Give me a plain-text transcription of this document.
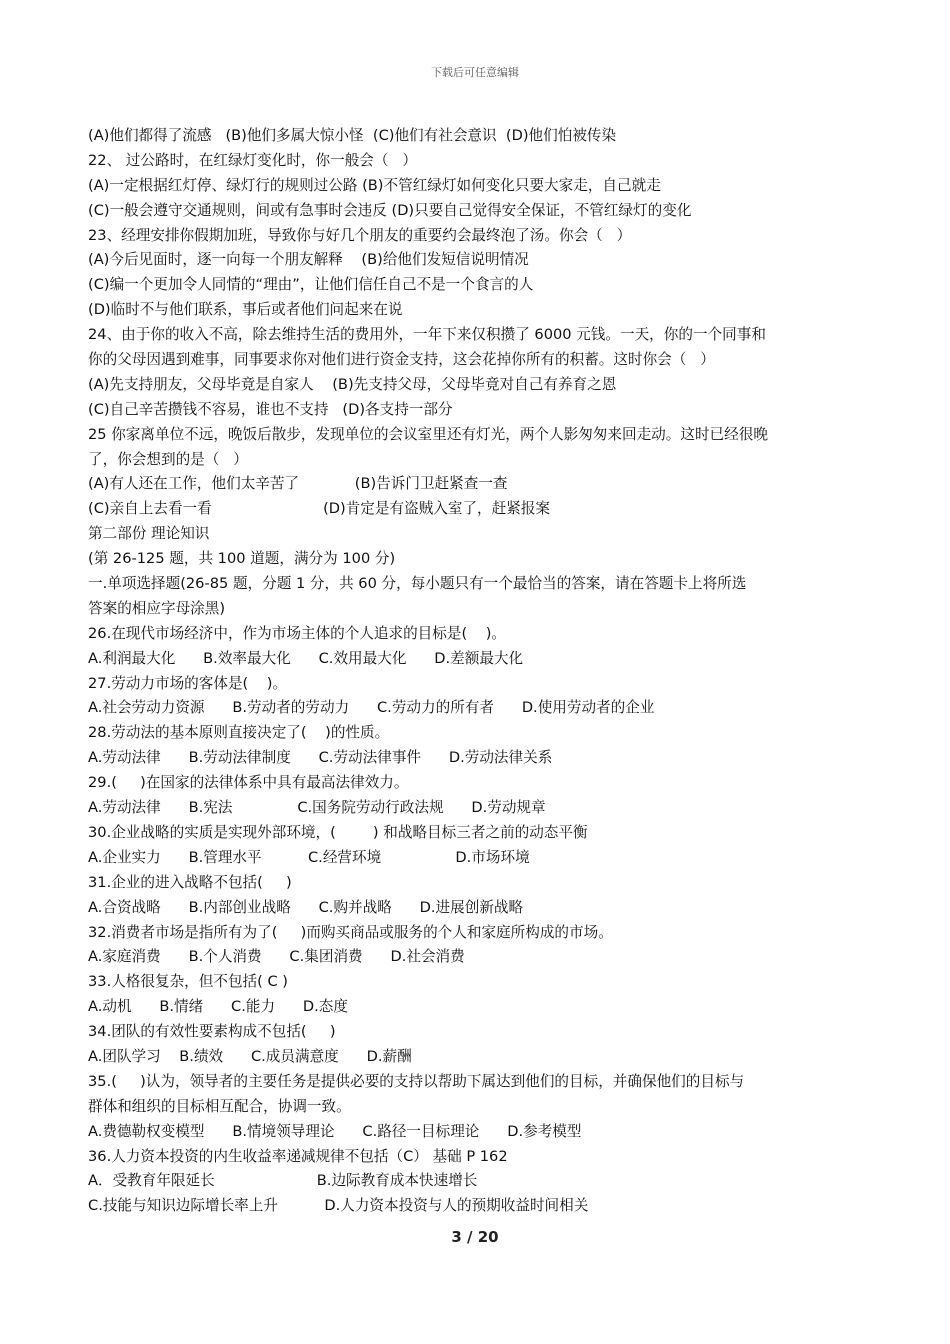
下载后可任意编辑
(A)他们都得了流感   (B)他们多属大惊小怪  (C)他们有社会意识  (D)他们怕被传染
22、 过公路时，在红绿灯变化时，你一般会（   ）
(A)一定根据红灯停、绿灯行的规则过公路 (B)不管红绿灯如何变化只要大家走，自己就走
(C)一般会遵守交通规则，间或有急事时会违反 (D)只要自己觉得安全保证，不管红绿灯的变化
23、经理安排你假期加班，导致你与好几个朋友的重要约会最终泡了汤。你会（   ）
(A)今后见面时，逐一向每一个朋友解释    (B)给他们发短信说明情况
(C)编一个更加令人同情的“理由”，让他们信任自己不是一个食言的人
(D)临时不与他们联系，事后或者他们问起来在说
24、由于你的收入不高，除去维持生活的费用外，一年下来仅积攒了 6000 元钱。一天，你的一个同事和
你的父母因遇到难事，同事要求你对他们进行资金支持，这会花掉你所有的积蓄。这时你会（   ）
(A)先支持朋友，父母毕竟是自家人    (B)先支持父母，父母毕竟对自己有养育之恩
(C)自己辛苦攒钱不容易，谁也不支持   (D)各支持一部分
25 你家离单位不远，晚饭后散步，发现单位的会议室里还有灯光，两个人影匆匆来回走动。这时已经很晚
了，你会想到的是（   ）
(A)有人还在工作，他们太辛苦了            (B)告诉门卫赶紧查一查
(C)亲自上去看一看                        (D)肯定是有盗贼入室了，赶紧报案
第二部份 理论知识
(第 26-125 题，共 100 道题，满分为 100 分)
一.单项选择题(26-85 题，分题 1 分，共 60 分，每小题只有一个最恰当的答案，请在答题卡上将所选
答案的相应字母涂黑)
26.在现代市场经济中，作为市场主体的个人追求的目标是(    )。
A.利润最大化      B.效率最大化      C.效用最大化      D.差额最大化
27.劳动力市场的客体是(    )。
A.社会劳动力资源      B.劳动者的劳动力      C.劳动力的所有者      D.使用劳动者的企业
28.劳动法的基本原则直接决定了(    )的性质。
A.劳动法律      B.劳动法律制度      C.劳动法律事件      D.劳动法律关系
29.(     )在国家的法律体系中具有最高法律效力。
A.劳动法律      B.宪法              C.国务院劳动行政法规      D.劳动规章
30.企业战略的实质是实现外部环境，(        ) 和战略目标三者之前的动态平衡
A.企业实力      B.管理水平          C.经营环境                D.市场环境
31.企业的进入战略不包括(     )
A.合资战略      B.内部创业战略      C.购并战略      D.进展创新战略
32.消费者市场是指所有为了(     )而购买商品或服务的个人和家庭所构成的市场。
A.家庭消费      B.个人消费      C.集团消费      D.社会消费
33.人格很复杂，但不包括( C )
A.动机      B.情绪      C.能力      D.态度
34.团队的有效性要素构成不包括(     )
A.团队学习    B.绩效      C.成员满意度      D.薪酬
35.(     )认为，领导者的主要任务是提供必要的支持以帮助下属达到他们的目标，并确保他们的目标与
群体和组织的目标相互配合，协调一致。
A.费德勒权变模型      B.情境领导理论      C.路径一目标理论      D.参考模型
36.人力资本投资的内生收益率递减规律不包括（C） 基础 P 162
A．受教育年限延长                      B.边际教育成本快速增长
C.技能与知识边际增长率上升          D.人力资本投资与人的预期收益时间相关
3 / 20
